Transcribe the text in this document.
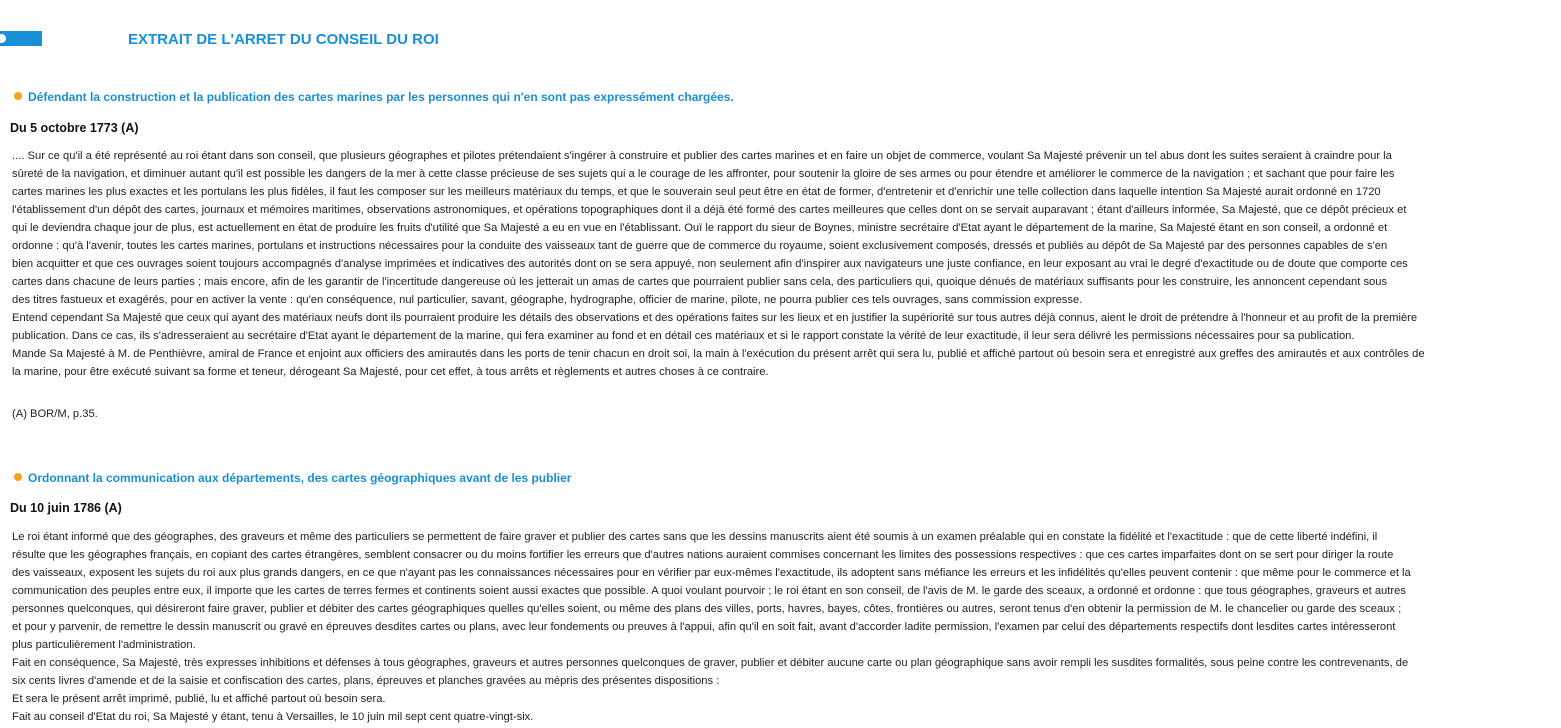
EXTRAIT DE L'ARRET DU CONSEIL DU ROI
Défendant la construction et la publication des cartes marines par les personnes qui n'en sont pas expressément chargées.
Du 5 octobre 1773 (A)
.... Sur ce qu'il a été représenté au roi étant dans son conseil, que plusieurs géographes et pilotes prétendaient s'ingérer à construire et publier des cartes marines et en faire un objet de commerce, voulant Sa Majesté prévenir un tel abus dont les suites seraient à craindre pour la
sûreté de la navigation, et diminuer autant qu'il est possible les dangers de la mer à cette classe précieuse de ses sujets qui a le courage de les affronter, pour soutenir la gloire de ses armes ou pour étendre et améliorer le commerce de la navigation ; et sachant que pour faire les
cartes marines les plus exactes et les portulans les plus fidèles, il faut les composer sur les meilleurs matériaux du temps, et que le souverain seul peut être en état de former, d'entretenir et d'enrichir une telle collection dans laquelle intention Sa Majesté aurait ordonné en 1720
l'établissement d'un dépôt des cartes, journaux et mémoires maritimes, observations astronomiques, et opérations topographiques dont il a déjà été formé des cartes meilleures que celles dont on se servait auparavant ; étant d'ailleurs informée, Sa Majesté, que ce dépôt précieux et
qui le deviendra chaque jour de plus, est actuellement en état de produire les fruits d'utilité que Sa Majesté a eu en vue en l'établissant. Ouï le rapport du sieur de Boynes, ministre secrétaire d'Etat ayant le département de la marine, Sa Majesté étant en son conseil, a ordonné et
ordonne : qu'à l'avenir, toutes les cartes marines, portulans et instructions nécessaires pour la conduite des vaisseaux tant de guerre que de commerce du royaume, soient exclusivement composés, dressés et publiés au dépôt de Sa Majesté par des personnes capables de s'en
bien acquitter et que ces ouvrages soient toujours accompagnés d'analyse imprimées et indicatives des autorités dont on se sera appuyé, non seulement afin d'inspirer aux navigateurs une juste confiance, en leur exposant au vrai le degré d'exactitude ou de doute que comporte ces
cartes dans chacune de leurs parties ; mais encore, afin de les garantir de l'incertitude dangereuse où les jetterait un amas de cartes que pourraient publier sans cela, des particuliers qui, quoique dénués de matériaux suffisants pour les construire, les annoncent cependant sous
des titres fastueux et exagérés, pour en activer la vente : qu'en conséquence, nul particulier, savant, géographe, hydrographe, officier de marine, pilote, ne pourra publier ces tels ouvrages, sans commission expresse.
Entend cependant Sa Majesté que ceux qui ayant des matériaux neufs dont ils pourraient produire les détails des observations et des opérations faites sur les lieux et en justifier la supériorité sur tous autres déjà connus, aient le droit de prétendre à l'honneur et au profit de la première
publication. Dans ce cas, ils s'adresseraient au secrétaire d'Etat ayant le département de la marine, qui fera examiner au fond et en détail ces matériaux et si le rapport constate la vérité de leur exactitude, il leur sera délivré les permissions nécessaires pour sa publication.
Mande Sa Majesté à M. de Penthièvre, amiral de France et enjoint aux officiers des amirautés dans les ports de tenir chacun en droit soi, la main à l'exécution du présent arrêt qui sera lu, publié et affiché partout où besoin sera et enregistré aux greffes des amirautés et aux contrôles de
la marine, pour être exécuté suivant sa forme et teneur, dérogeant Sa Majesté, pour cet effet, à tous arrêts et règlements et autres choses à ce contraire.
(A) BOR/M, p.35.
Ordonnant la communication aux départements, des cartes géographiques avant de les publier
Du 10 juin 1786 (A)
Le roi étant informé que des géographes, des graveurs et même des particuliers se permettent de faire graver et publier des cartes sans que les dessins manuscrits aient été soumis à un examen préalable qui en constate la fidélité et l'exactitude : que de cette liberté indéfini, il
résulte que les géographes français, en copiant des cartes étrangères, semblent consacrer ou du moins fortifier les erreurs que d'autres nations auraient commises concernant les limites des possessions respectives : que ces cartes imparfaites dont on se sert pour diriger la route
des vaisseaux, exposent les sujets du roi aux plus grands dangers, en ce que n'ayant pas les connaissances nécessaires pour en vérifier par eux-mêmes l'exactitude, ils adoptent sans méfiance les erreurs et les infidélités qu'elles peuvent contenir : que même pour le commerce et la
communication des peuples entre eux, il importe que les cartes de terres fermes et continents soient aussi exactes que possible. A quoi voulant pourvoir ; le roi étant en son conseil, de l'avis de M. le garde des sceaux, a ordonné et ordonne : que tous géographes, graveurs et autres
personnes quelconques, qui désireront faire graver, publier et débiter des cartes géographiques quelles qu'elles soient, ou même des plans des villes, ports, havres, bayes, côtes, frontières ou autres, seront tenus d'en obtenir la permission de M. le chancelier ou garde des sceaux ;
et pour y parvenir, de remettre le dessin manuscrit ou gravé en épreuves desdites cartes ou plans, avec leur fondements ou preuves à l'appui, afin qu'il en soit fait, avant d'accorder ladite permission, l'examen par celui des départements respectifs dont lesdites cartes intéresseront
plus particulièrement l'administration.
Fait en conséquence, Sa Majesté, très expresses inhibitions et défenses à tous géographes, graveurs et autres personnes quelconques de graver, publier et débiter aucune carte ou plan géographique sans avoir rempli les susdites formalités, sous peine contre les contrevenants, de
six cents livres d'amende et de la saisie et confiscation des cartes, plans, épreuves et planches gravées au mépris des présentes dispositions :
Et sera le présent arrêt imprimé, publié, lu et affiché partout où besoin sera.
Fait au conseil d'Etat du roi, Sa Majesté y étant, tenu à Versailles, le 10 juin mil sept cent quatre-vingt-six.
